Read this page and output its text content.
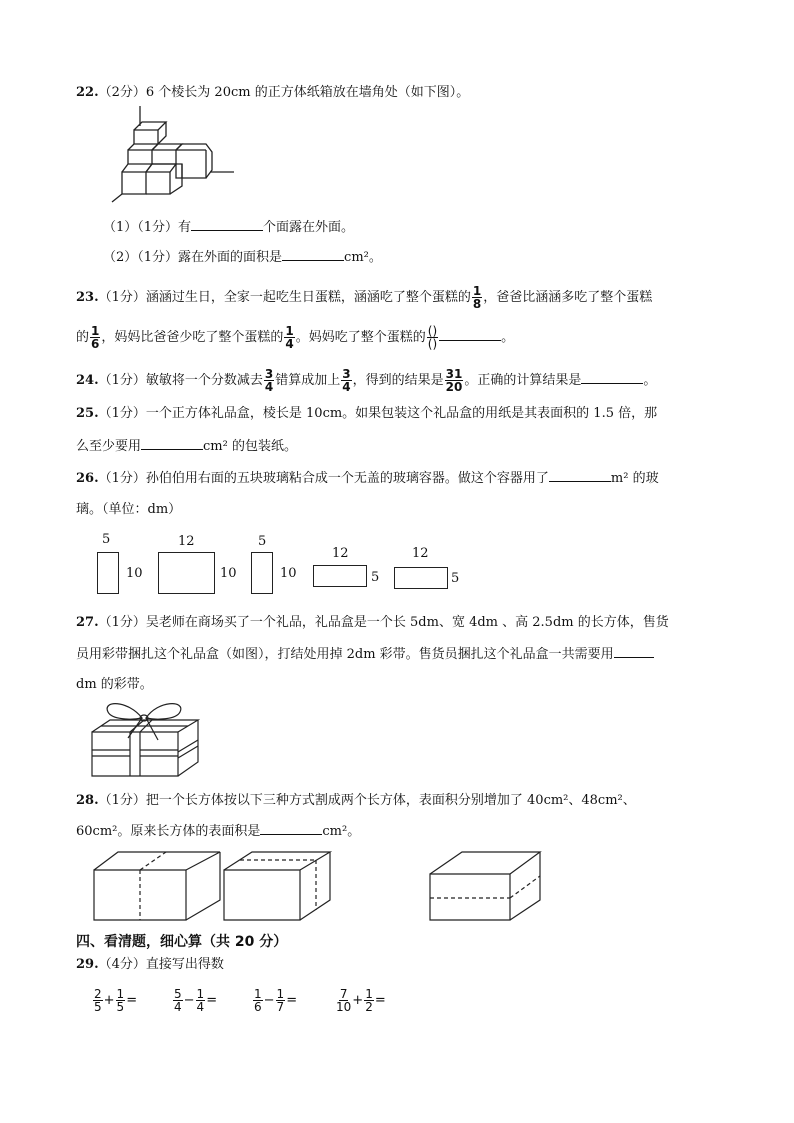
22.（2分）6 个棱长为 20cm 的正方体纸箱放在墙角处（如下图）。
（1）（1分）有	个面露在外面。
（2）（1分）露在外面的面积是	cm²。
23.（1分）涵涵过生日，全家一起吃生日蛋糕，涵涵吃了整个蛋糕的 $\frac{1}{8}$ ，爸爸比涵涵多吃了整个蛋糕
的 $\frac{1}{6}$ ，妈妈比爸爸少吃了整个蛋糕的 $\frac{1}{4}$ 。妈妈吃了整个蛋糕的 $\frac{()}{()}$	。
24.（1分）敏敏将一个分数减去 $\frac{3}{4}$ 错算成加上 $\frac{3}{4}$ ，得到的结果是 $\frac{31}{20}$ 。正确的计算结果是	。
25.（1分）一个正方体礼品盒，棱长是 10cm。如果包装这个礼品盒的用纸是其表面积的 1.5 倍，那
么至少要用	cm² 的包装纸。
26.（1分）孙伯伯用右面的五块玻璃粘合成一个无盖的玻璃容器。做这个容器用了	m² 的玻
璃。（单位：dm）
5
10
12
10
5
10
12
5
12
5
27.（1分）吴老师在商场买了一个礼品，礼品盒是一个长 5dm、宽 4dm 、高 2.5dm 的长方体，售货
员用彩带捆扎这个礼品盒（如图），打结处用掉 2dm 彩带。售货员捆扎这个礼品盒一共需要用
dm 的彩带。
28.（1分）把一个长方体按以下三种方式割成两个长方体，表面积分别增加了 40cm²、48cm²、
60cm²。原来长方体的表面积是	cm²。
四、看清题，细心算（共 20 分）
29.（4分）直接写出得数
$\frac{2}{5} + \frac{1}{5}$ =	$\frac{5}{4} - \frac{1}{4}$ =	$\frac{1}{6} - \frac{1}{7}$ =	$\frac{7}{10} + \frac{1}{2}$ =
